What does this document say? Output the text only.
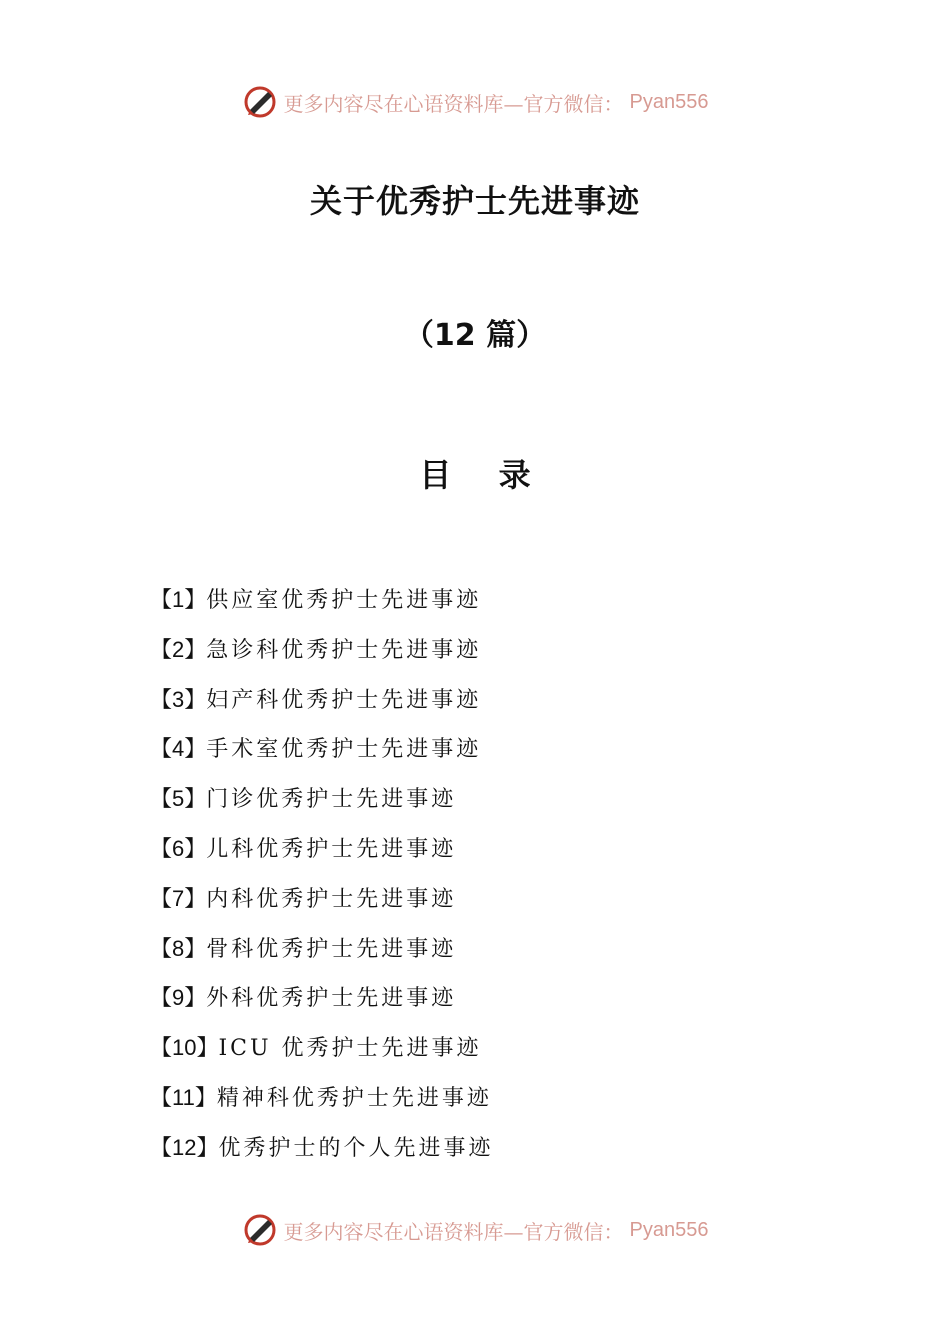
更多内容尽在心语资料库—官方微信： Pyan556
关于优秀护士先进事迹
（12 篇）
目 录
【1】供应室优秀护士先进事迹
【2】急诊科优秀护士先进事迹
【3】妇产科优秀护士先进事迹
【4】手术室优秀护士先进事迹
【5】门诊优秀护士先进事迹
【6】儿科优秀护士先进事迹
【7】内科优秀护士先进事迹
【8】骨科优秀护士先进事迹
【9】外科优秀护士先进事迹
【10】ICU 优秀护士先进事迹
【11】精神科优秀护士先进事迹
【12】优秀护士的个人先进事迹
更多内容尽在心语资料库—官方微信： Pyan556
